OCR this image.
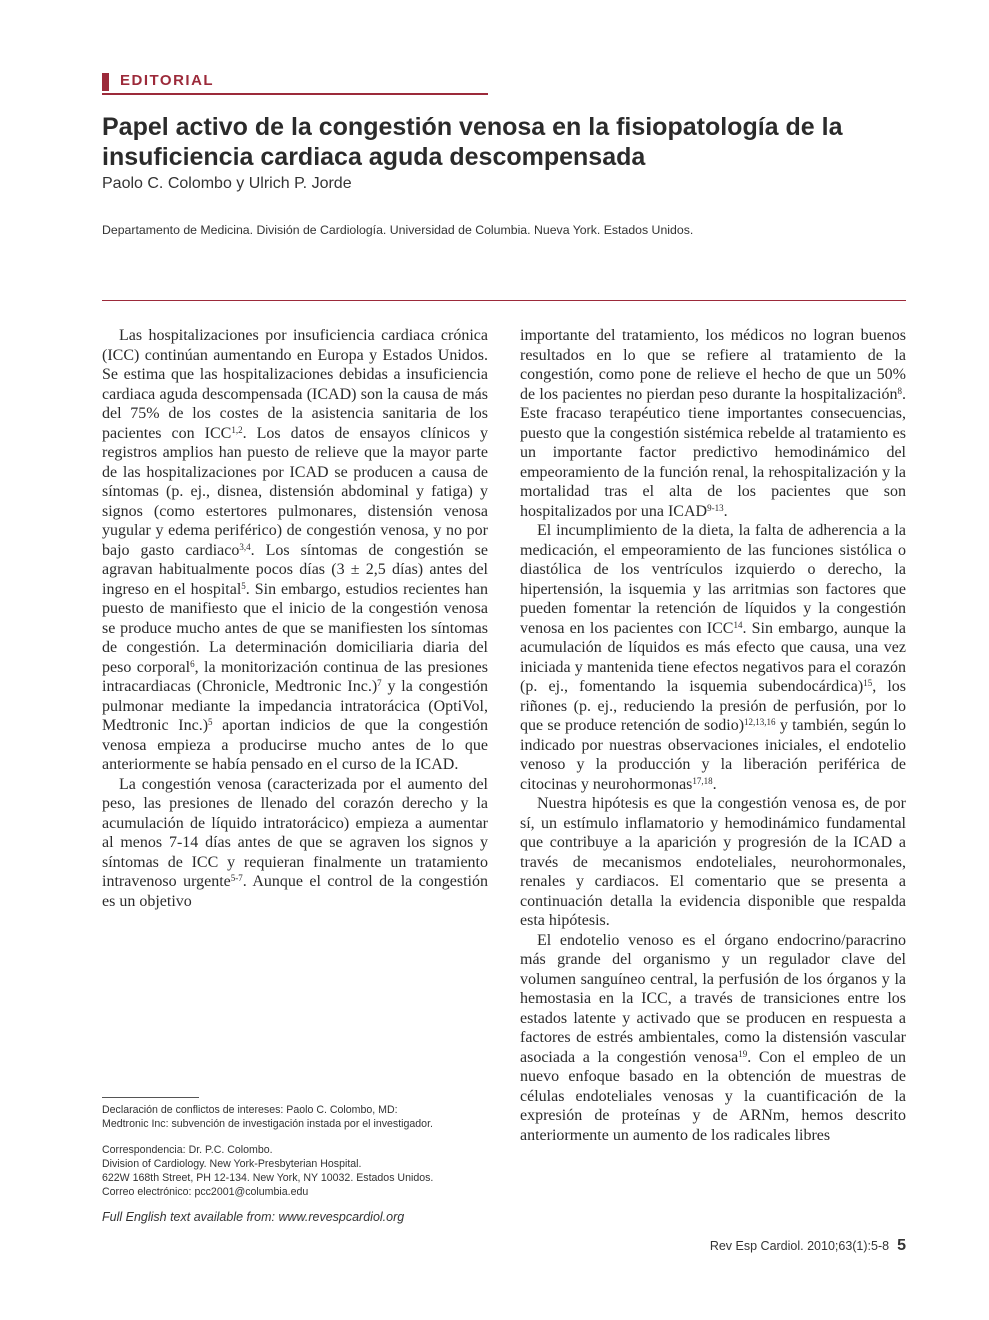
EDITORIAL
Papel activo de la congestión venosa en la fisiopatología de la insuficiencia cardiaca aguda descompensada
Paolo C. Colombo y Ulrich P. Jorde
Departamento de Medicina. División de Cardiología. Universidad de Columbia. Nueva York. Estados Unidos.

Las hospitalizaciones por insuficiencia cardiaca crónica (ICC) continúan aumentando en Europa y Estados Unidos. Se estima que las hospitalizaciones debidas a insuficiencia cardiaca aguda descompensada (ICAD) son la causa de más del 75% de los costes de la asistencia sanitaria de los pacientes con ICC$^{1,2}$. Los datos de ensayos clínicos y registros amplios han puesto de relieve que la mayor parte de las hospitalizaciones por ICAD se producen a causa de síntomas (p. ej., disnea, distensión abdominal y fatiga) y signos (como estertores pulmonares, distensión venosa yugular y edema periférico) de congestión venosa, y no por bajo gasto cardiaco$^{3,4}$. Los síntomas de congestión se agravan habitualmente pocos días (3 ± 2,5 días) antes del ingreso en el hospital$^5$. Sin embargo, estudios recientes han puesto de manifiesto que el inicio de la congestión venosa se produce mucho antes de que se manifiesten los síntomas de congestión. La determinación domiciliaria diaria del peso corporal$^6$, la monitorización continua de las presiones intracardiacas (Chronicle, Medtronic Inc.)$^7$ y la congestión pulmonar mediante la impedancia intratorácica (OptiVol, Medtronic Inc.)$^5$ aportan indicios de que la congestión venosa empieza a producirse mucho antes de lo que anteriormente se había pensado en el curso de la ICAD.

La congestión venosa (caracterizada por el aumento del peso, las presiones de llenado del corazón derecho y la acumulación de líquido intratorácico) empieza a aumentar al menos 7-14 días antes de que se agraven los signos y síntomas de ICC y requieran finalmente un tratamiento intravenoso urgente$^{5-7}$. Aunque el control de la congestión es un objetivo

importante del tratamiento, los médicos no logran buenos resultados en lo que se refiere al tratamiento de la congestión, como pone de relieve el hecho de que un 50% de los pacientes no pierdan peso durante la hospitalización$^8$. Este fracaso terapéutico tiene importantes consecuencias, puesto que la congestión sistémica rebelde al tratamiento es un importante factor predictivo hemodinámico del empeoramiento de la función renal, la rehospitalización y la mortalidad tras el alta de los pacientes que son hospitalizados por una ICAD$^{9-13}$.

El incumplimiento de la dieta, la falta de adherencia a la medicación, el empeoramiento de las funciones sistólica o diastólica de los ventrículos izquierdo o derecho, la hipertensión, la isquemia y las arritmias son factores que pueden fomentar la retención de líquidos y la congestión venosa en los pacientes con ICC$^{14}$. Sin embargo, aunque la acumulación de líquidos es más efecto que causa, una vez iniciada y mantenida tiene efectos negativos para el corazón (p. ej., fomentando la isquemia subendocárdica)$^{15}$, los riñones (p. ej., reduciendo la presión de perfusión, por lo que se produce retención de sodio)$^{12,13,16}$ y también, según lo indicado por nuestras observaciones iniciales, el endotelio venoso y la producción y la liberación periférica de citocinas y neurohormonas$^{17,18}$.

Nuestra hipótesis es que la congestión venosa es, de por sí, un estímulo inflamatorio y hemodinámico fundamental que contribuye a la aparición y progresión de la ICAD a través de mecanismos endoteliales, neurohormonales, renales y cardiacos. El comentario que se presenta a continuación detalla la evidencia disponible que respalda esta hipótesis.

El endotelio venoso es el órgano endocrino/paracrino más grande del organismo y un regulador clave del volumen sanguíneo central, la perfusión de los órganos y la hemostasia en la ICC, a través de transiciones entre los estados latente y activado que se producen en respuesta a factores de estrés ambientales, como la distensión vascular asociada a la congestión venosa$^{19}$. Con el empleo de un nuevo enfoque basado en la obtención de muestras de células endoteliales venosas y la cuantificación de la expresión de proteínas y de ARNm, hemos descrito anteriormente un aumento de los radicales libres

Declaración de conflictos de intereses: Paolo C. Colombo, MD:

Medtronic Inc: subvención de investigación instada por el investigador.

Correspondencia: Dr. P.C. Colombo.

Division of Cardiology. New York-Presbyterian Hospital.

622W 168th Street, PH 12-134. New York, NY 10032. Estados Unidos.

Correo electrónico: pcc2001@columbia.edu

Full English text available from: www.revespcardiol.org
Rev Esp Cardiol. 2010;63(1):5-8 5
